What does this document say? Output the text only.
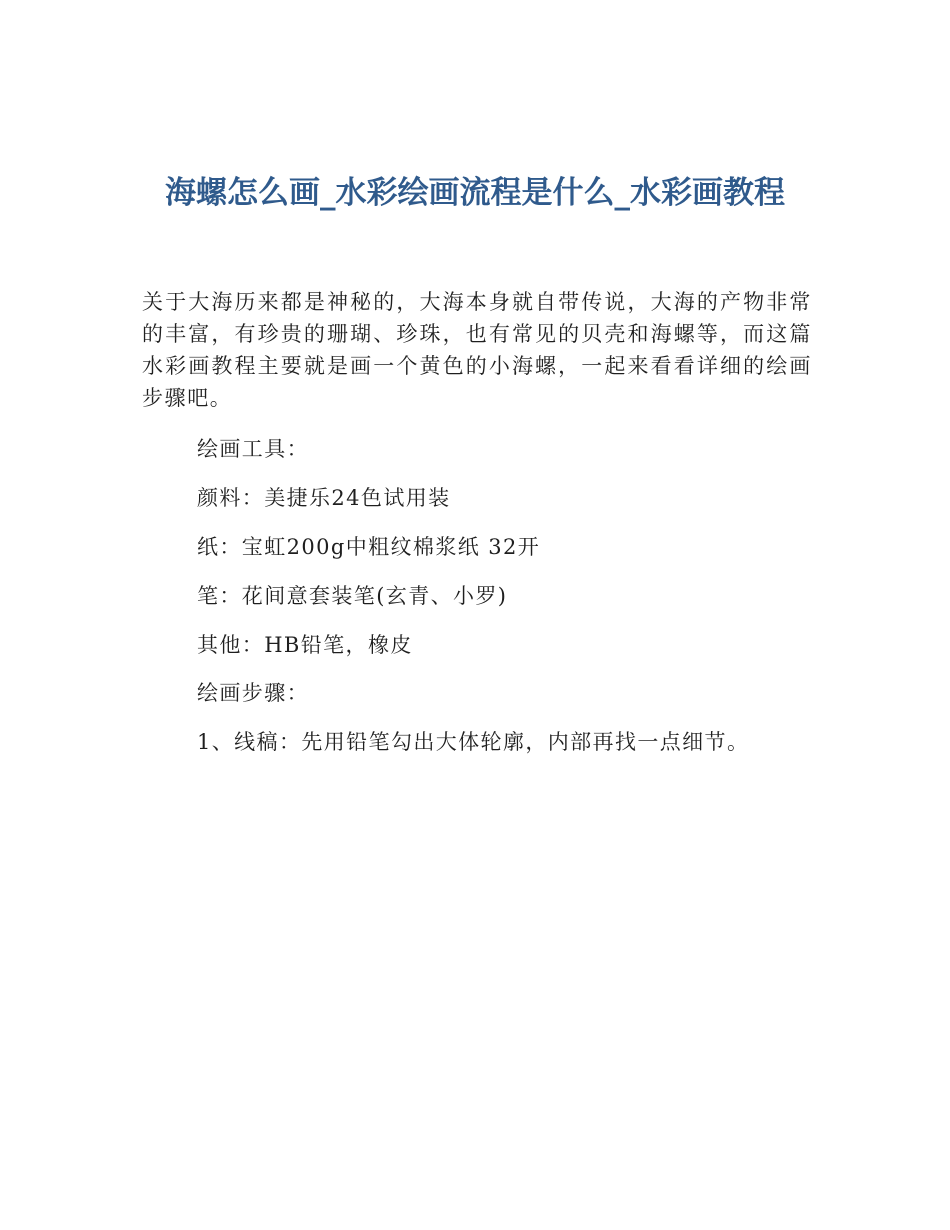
海螺怎么画_水彩绘画流程是什么_水彩画教程

关于大海历来都是神秘的，大海本身就自带传说，大海的产物非常的丰富，有珍贵的珊瑚、珍珠，也有常见的贝壳和海螺等，而这篇水彩画教程主要就是画一个黄色的小海螺，一起来看看详细的绘画步骤吧。

绘画工具：

颜料：美捷乐24色试用装

纸：宝虹200g中粗纹棉浆纸 32开

笔：花间意套装笔(玄青、小罗)

其他：HB铅笔，橡皮

绘画步骤：

1、线稿：先用铅笔勾出大体轮廓，内部再找一点细节。
